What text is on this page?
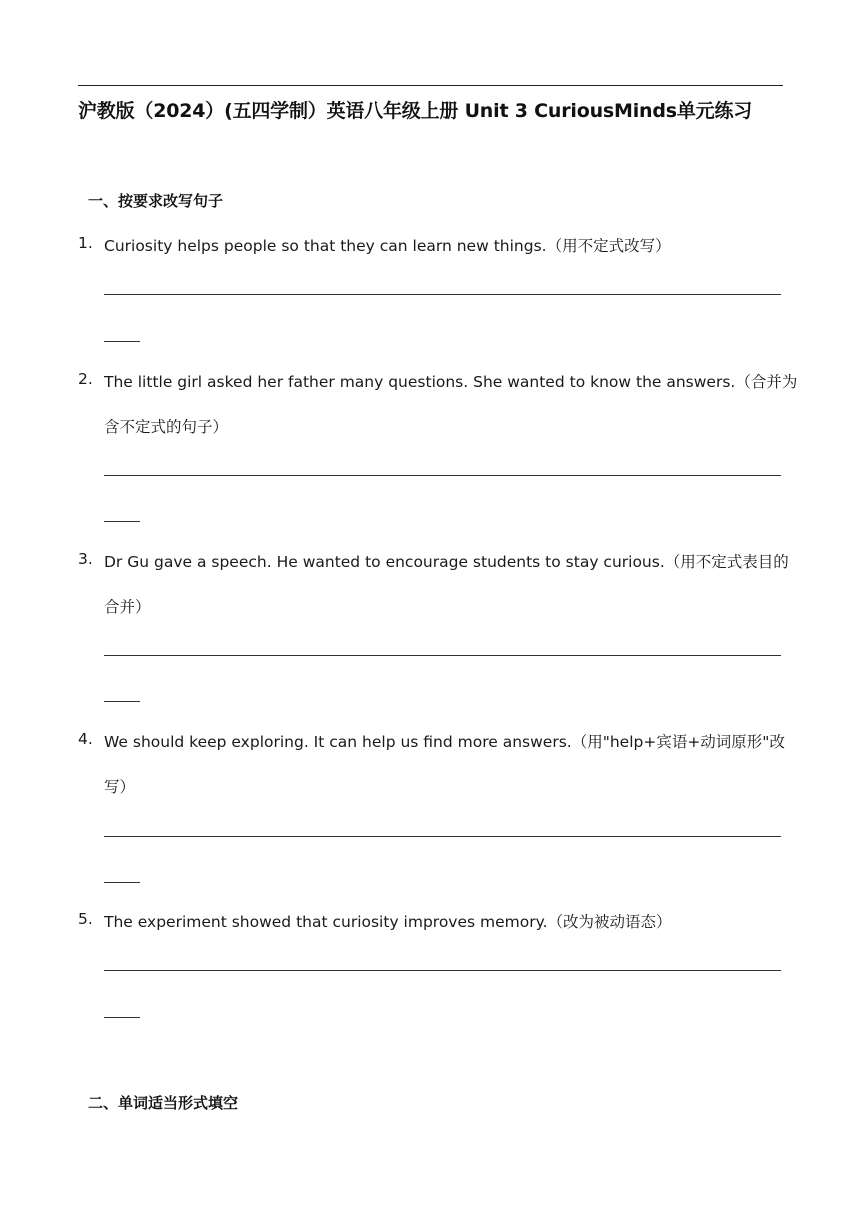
沪教版（2024）(五四学制）英语八年级上册 Unit 3 CuriousMinds单元练习
一、按要求改写句子
1. Curiosity helps people so that they can learn new things.（用不定式改写）
2. The little girl asked her father many questions. She wanted to know the answers.（合并为
含不定式的句子）
3. Dr Gu gave a speech. He wanted to encourage students to stay curious.（用不定式表目的
合并）
4. We should keep exploring. It can help us find more answers.（用"help+宾语+动词原形"改
写）
5. The experiment showed that curiosity improves memory.（改为被动语态）
二、单词适当形式填空
